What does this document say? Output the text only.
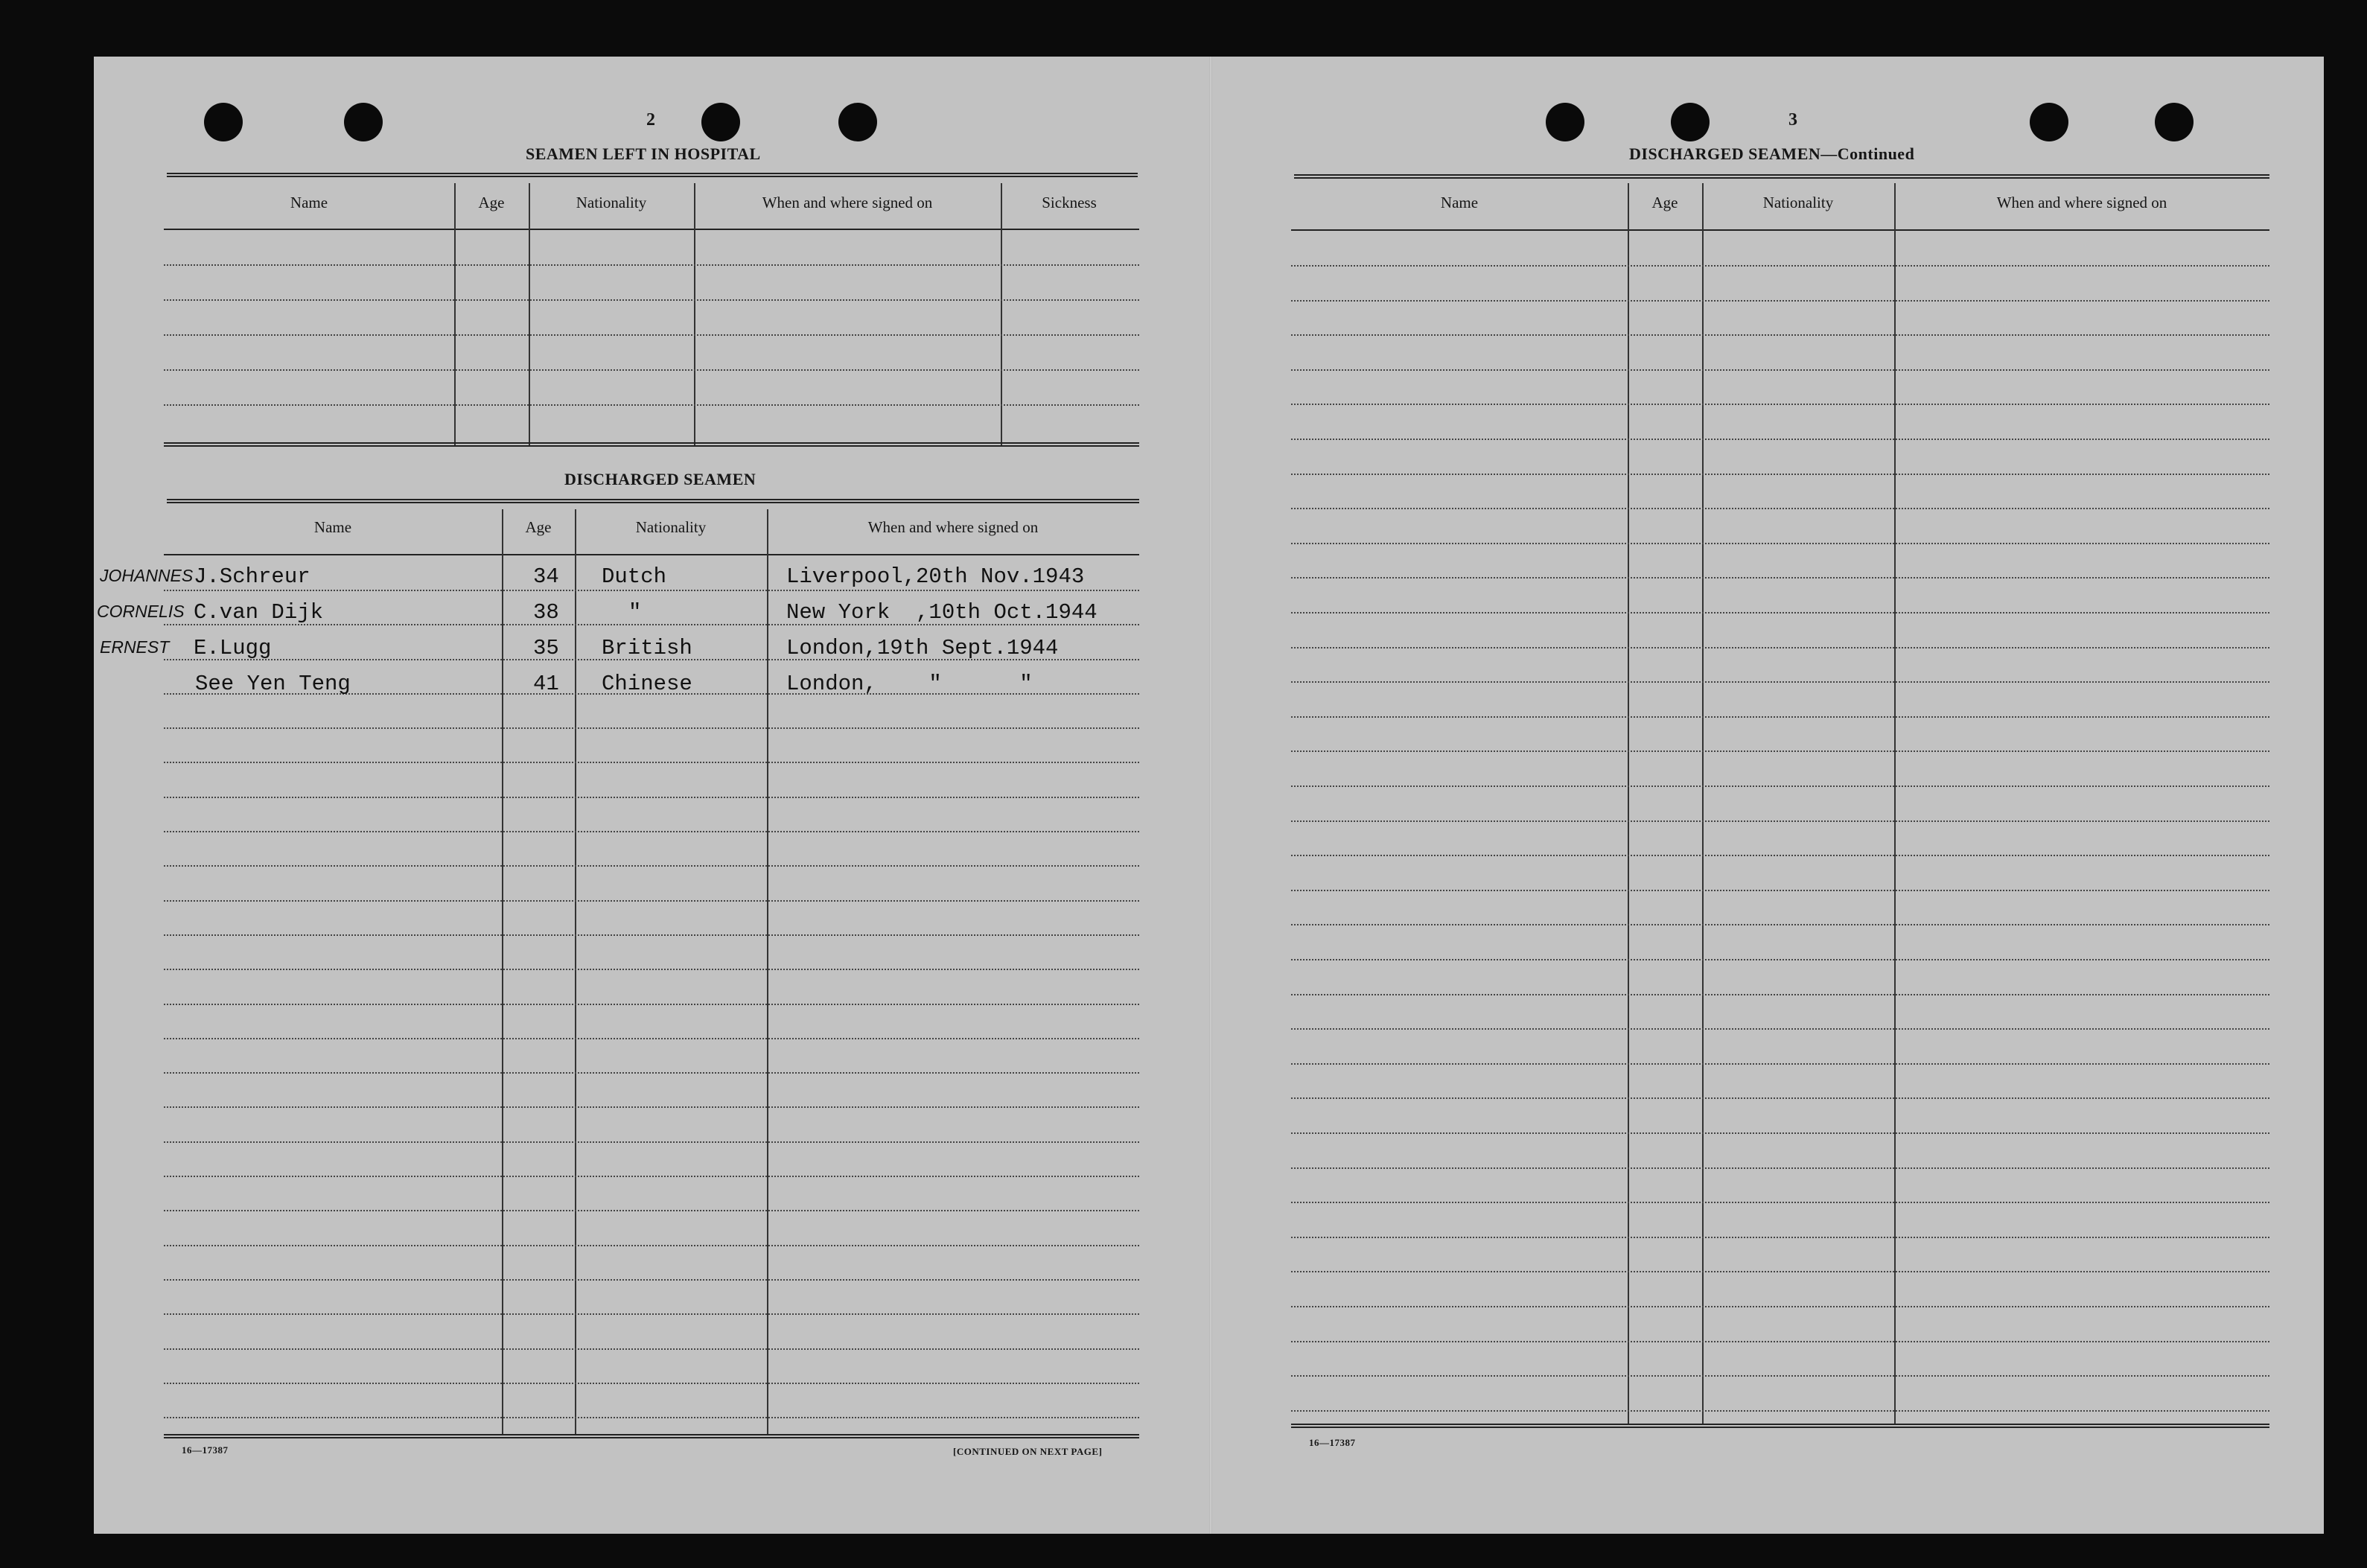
2
SEAMEN LEFT IN HOSPITAL
Name	Age	Nationality	When and where signed on	Sickness
DISCHARGED SEAMEN
Name	Age	Nationality	When and where signed on
JOHANNES J.Schreur	34 Dutch	Liverpool,20th Nov.1943
CORNELIS C.van Dijk	38	"	New York  ,10th Oct.1944
ERNEST E.Lugg	35 British	London,19th Sept.1944
See Yen Teng	41 Chinese	London,    "      "
16—17387	[CONTINUED ON NEXT PAGE]
3
DISCHARGED SEAMEN—Continued
Name	Age	Nationality	When and where signed on
16—17387
